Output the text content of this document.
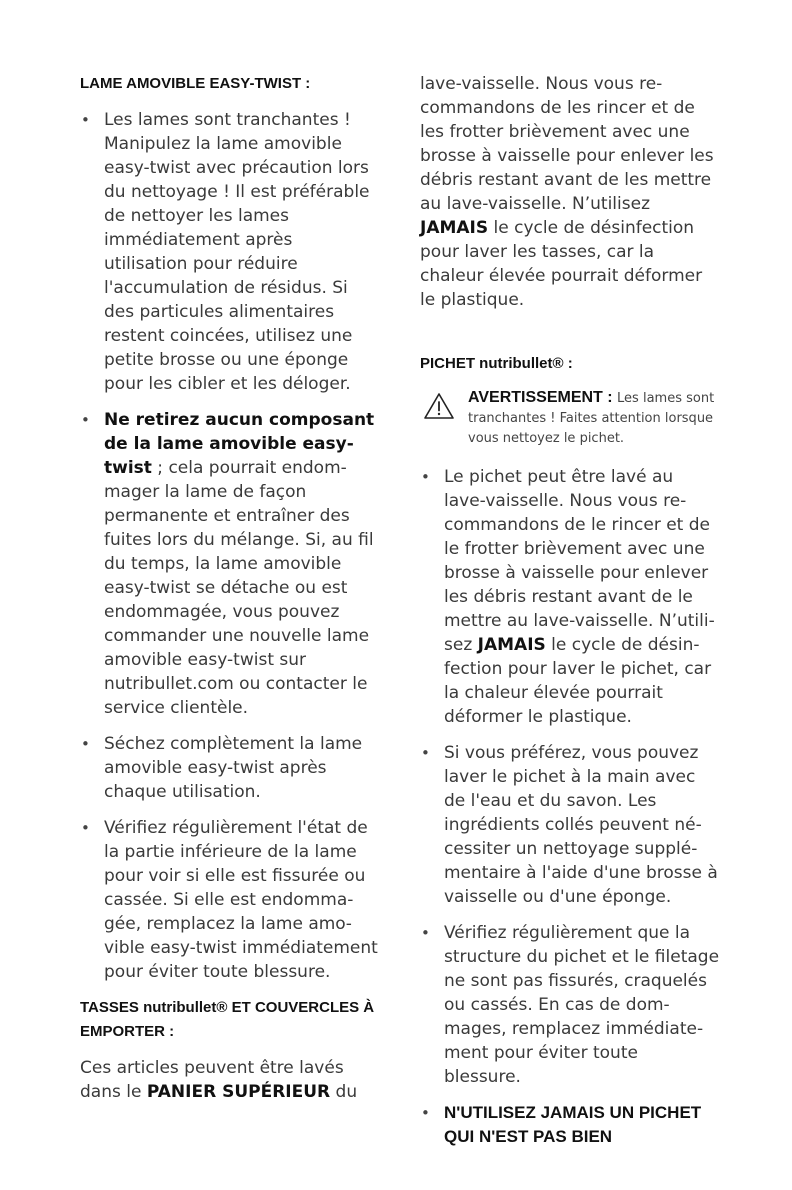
LAME AMOVIBLE EASY-TWIST :
• Les lames sont tranchantes ! Manipulez la lame amovible easy-twist avec précaution lors du nettoyage ! Il est préférable de nettoyer les lames immédiatement après utilisation pour réduire l'accumulation de résidus. Si des particules alimentaires restent coincées, utilisez une petite brosse ou une éponge pour les cibler et les déloger.
• Ne retirez aucun composant de la lame amovible easy-twist ; cela pourrait endommager la lame de façon permanente et entraîner des fuites lors du mélange. Si, au fil du temps, la lame amovible easy-twist se détache ou est endommagée, vous pouvez commander une nouvelle lame amovible easy-twist sur nutribullet.com ou contacter le service clientèle.
• Séchez complètement la lame amovible easy-twist après chaque utilisation.
• Vérifiez régulièrement l'état de la partie inférieure de la lame pour voir si elle est fissurée ou cassée. Si elle est endommagée, remplacez la lame amovible easy-twist immédiatement pour éviter toute blessure.
TASSES nutribullet® ET COUVERCLES À EMPORTER :

Ces articles peuvent être lavés dans le PANIER SUPÉRIEUR du

lave-vaisselle. Nous vous recommandons de les rincer et de les frotter brièvement avec une brosse à vaisselle pour enlever les débris restant avant de les mettre au lave-vaisselle. N’utilisez JAMAIS le cycle de désinfection pour laver les tasses, car la chaleur élevée pourrait déformer le plastique.

PICHET nutribullet® :
AVERTISSEMENT : Les lames sont tranchantes ! Faites attention lorsque vous nettoyez le pichet.
• Le pichet peut être lavé au lave-vaisselle. Nous vous recommandons de le rincer et de le frotter brièvement avec une brosse à vaisselle pour enlever les débris restant avant de le mettre au lave-vaisselle. N’utilisez JAMAIS le cycle de désinfection pour laver le pichet, car la chaleur élevée pourrait déformer le plastique.
• Si vous préférez, vous pouvez laver le pichet à la main avec de l'eau et du savon. Les ingrédients collés peuvent nécessiter un nettoyage supplémentaire à l'aide d'une brosse à vaisselle ou d'une éponge.
• Vérifiez régulièrement que la structure du pichet et le filetage ne sont pas fissurés, craquelés ou cassés. En cas de dommages, remplacez immédiatement pour éviter toute blessure.
• N'UTILISEZ JAMAIS UN PICHET QUI N'EST PAS BIEN
